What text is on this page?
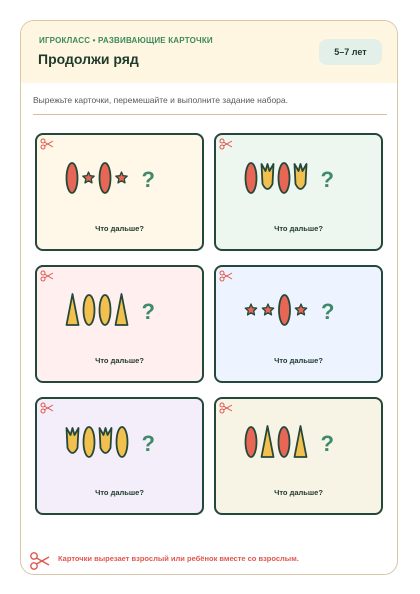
ИГРОКЛАСС • РАЗВИВАЮЩИЕ КАРТОЧКИ
Продолжи ряд	5–7 лет
Вырежьте карточки, перемешайте и выполните задание набора.
?
Что дальше?
?
Что дальше?
?
Что дальше?
?
Что дальше?
?
Что дальше?
?
Что дальше?
Карточки вырезает взрослый или ребёнок вместе со взрослым.
